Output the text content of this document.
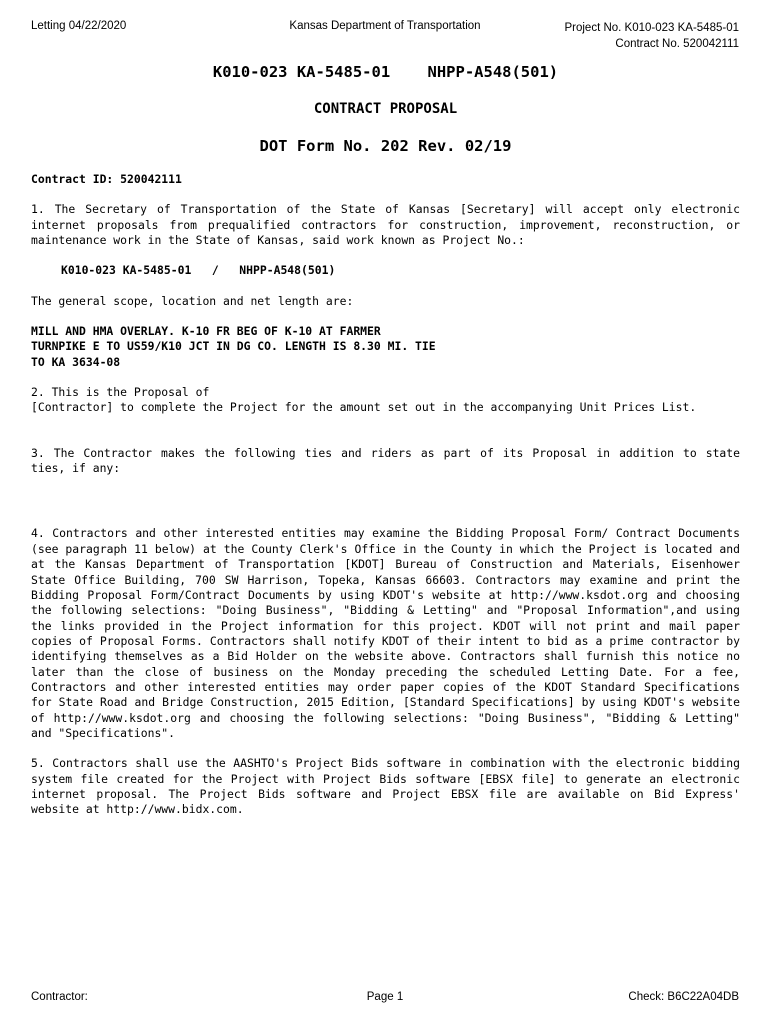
Letting 04/22/2020	Kansas Department of Transportation	Project No. K010-023 KA-5485-01
Contract No. 520042111
K010-023 KA-5485-01    NHPP-A548(501)
CONTRACT PROPOSAL
DOT Form No. 202 Rev. 02/19
Contract ID: 520042111
1. The Secretary of Transportation of the State of Kansas [Secretary] will accept only electronic internet proposals from prequalified contractors for construction, improvement, reconstruction, or maintenance work in the State of Kansas, said work known as Project No.:
K010-023 KA-5485-01   /   NHPP-A548(501)
The general scope, location and net length are:
MILL AND HMA OVERLAY. K-10 FR BEG OF K-10 AT FARMER
TURNPIKE E TO US59/K10 JCT IN DG CO. LENGTH IS 8.30 MI. TIE
TO KA 3634-08
2. This is the Proposal of
[Contractor] to complete the Project for the amount set out in the accompanying Unit Prices List.
3. The Contractor makes the following ties and riders as part of its Proposal in addition to state ties, if any:
4. Contractors and other interested entities may examine the Bidding Proposal Form/ Contract Documents (see paragraph 11 below) at the County Clerk's Office in the County in which the Project is located and at the Kansas Department of Transportation [KDOT] Bureau of Construction and Materials, Eisenhower State Office Building, 700 SW Harrison, Topeka, Kansas 66603. Contractors may examine and print the Bidding Proposal Form/Contract Documents by using KDOT's website at http://www.ksdot.org and choosing the following selections: "Doing Business", "Bidding & Letting" and "Proposal Information",and using the links provided in the Project information for this project. KDOT will not print and mail paper copies of Proposal Forms. Contractors shall notify KDOT of their intent to bid as a prime contractor by identifying themselves as a Bid Holder on the website above. Contractors shall furnish this notice no later than the close of business on the Monday preceding the scheduled Letting Date. For a fee, Contractors and other interested entities may order paper copies of the KDOT Standard Specifications for State Road and Bridge Construction, 2015 Edition, [Standard Specifications] by using KDOT's website of http://www.ksdot.org and choosing the following selections: "Doing Business", "Bidding & Letting" and "Specifications".
5. Contractors shall use the AASHTO's Project Bids software in combination with the electronic bidding system file created for the Project with Project Bids software [EBSX file] to generate an electronic internet proposal. The Project Bids software and Project EBSX file are available on Bid Express' website at http://www.bidx.com.
Contractor:	Page 1	Check: B6C22A04DB
